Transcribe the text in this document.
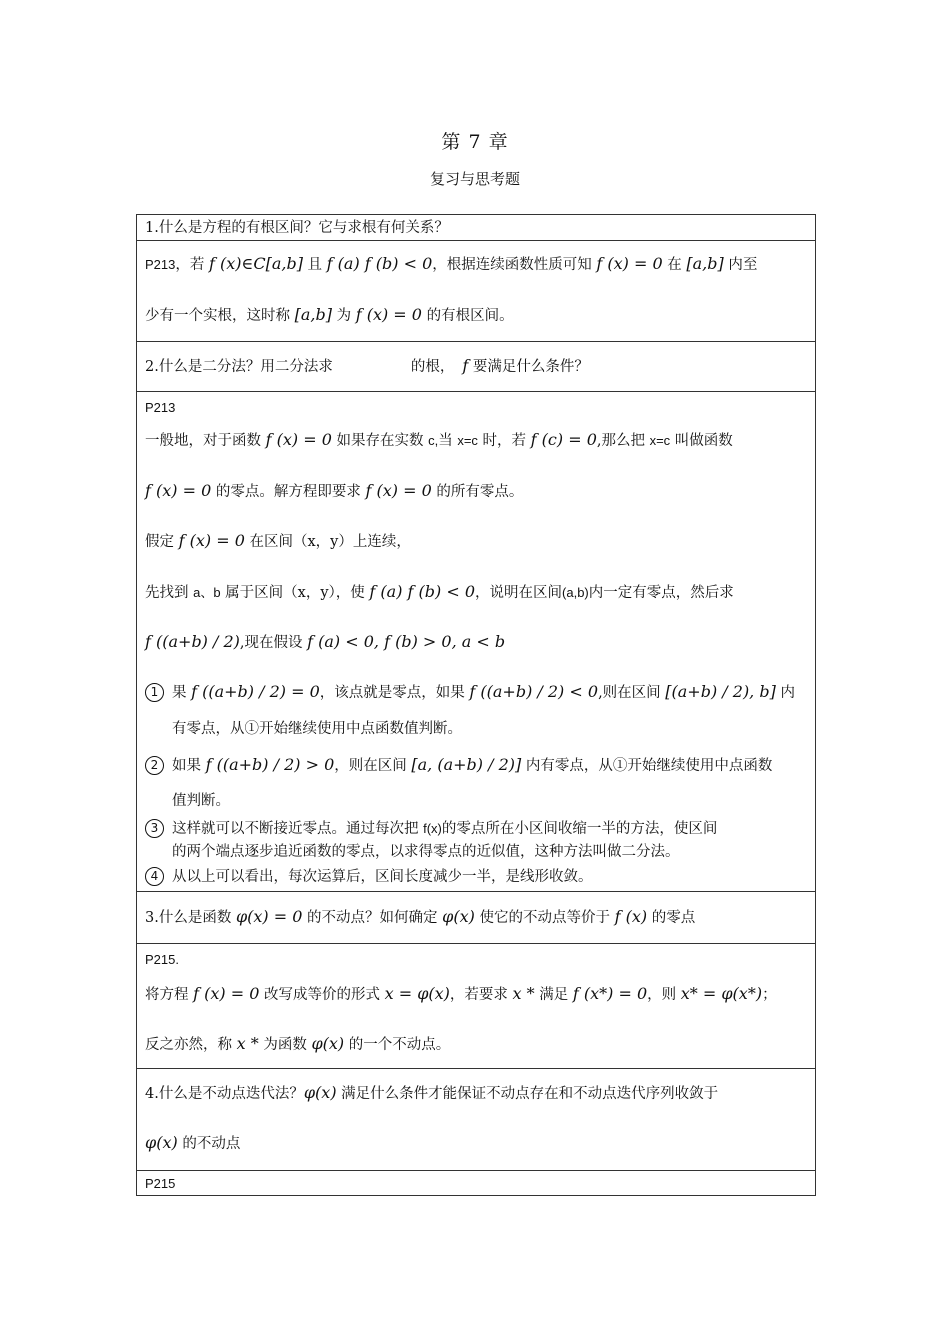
第 7 章
复习与思考题
1.什么是方程的有根区间？它与求根有何关系？

P213，若 f (x)∈C[a,b] 且 f (a) f (b) < 0，根据连续函数性质可知 f (x) = 0 在 [a,b] 内至
少有一个实根，这时称 [a,b] 为 f (x) = 0 的有根区间。

2.什么是二分法？用二分法求	的根， f 要满足什么条件？

P213
一般地，对于函数 f (x) = 0 如果存在实数 c,当 x=c 时，若 f (c) = 0,那么把 x=c 叫做函数
f (x) = 0 的零点。解方程即要求 f (x) = 0 的所有零点。
假定 f (x) = 0 在区间（x，y）上连续，
先找到 a、b 属于区间（x，y），使 f (a) f (b) < 0，说明在区间(a,b)内一定有零点，然后求
f ((a+b) / 2),现在假设 f (a) < 0, f (b) > 0, a < b
1 果 f ((a+b) / 2) = 0，该点就是零点，如果 f ((a+b) / 2) < 0,则在区间 [(a+b) / 2), b] 内
有零点，从①开始继续使用中点函数值判断。
2 如果 f ((a+b) / 2) > 0，则在区间 [a, (a+b) / 2)] 内有零点，从①开始继续使用中点函数
值判断。
3 这样就可以不断接近零点。通过每次把 f(x)的零点所在小区间收缩一半的方法，使区间
的两个端点逐步追近函数的零点，以求得零点的近似值，这种方法叫做二分法。
4 从以上可以看出，每次运算后，区间长度减少一半，是线形收敛。

3.什么是函数 φ(x) = 0 的不动点？如何确定 φ(x) 使它的不动点等价于 f (x) 的零点

P215.
将方程 f (x) = 0 改写成等价的形式 x = φ(x)，若要求 x * 满足 f (x*) = 0，则 x* = φ(x*)；
反之亦然，称 x * 为函数 φ(x) 的一个不动点。

4.什么是不动点迭代法？φ(x) 满足什么条件才能保证不动点存在和不动点迭代序列收敛于
φ(x) 的不动点

P215
